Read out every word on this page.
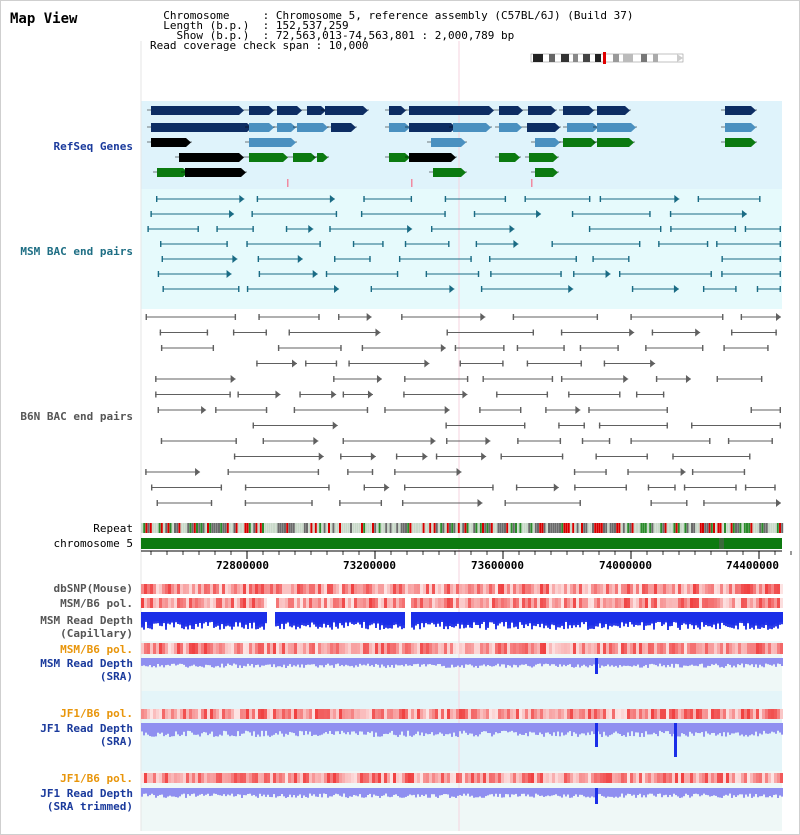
Map View	Chromosome     : Chromosome 5, reference assembly (C57BL/6J) (Build 37)
Length (b.p.)  : 152,537,259
Show (b.p.)  : 72,563,013-74,563,801 : 2,000,789 bp
Read coverage check span : 10,000
RefSeq Genes
MSM BAC end pairs
B6N BAC end pairs
Repeat
chromosome 5
dbSNP(Mouse)
MSM/B6 pol.
MSM Read Depth
(Capillary)
MSM/B6 pol.
MSM Read Depth
(SRA)
JF1/B6 pol.
JF1 Read Depth
(SRA)
JF1/B6 pol.
JF1 Read Depth
(SRA trimmed)
72800000	73200000	73600000	74000000	74400000
